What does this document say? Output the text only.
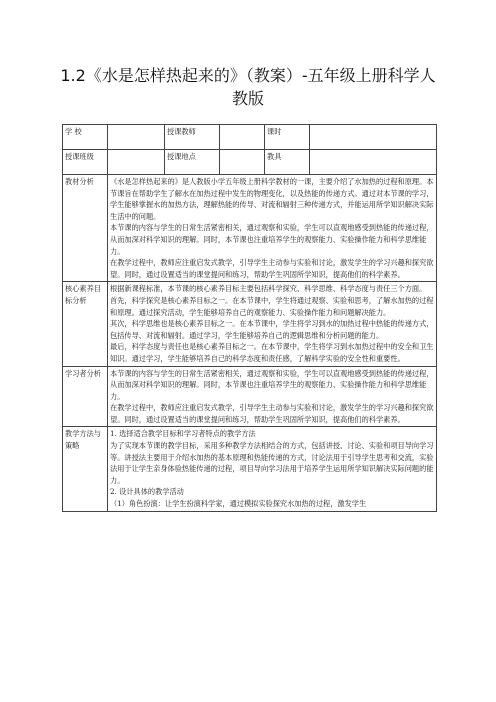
1.2《水是怎样热起来的》（教案）-五年级上册科学人教版
学 校		授课教师		课时	
授课班级		授课地点		教具	
教材分析	《水是怎样热起来的》是人教版小学五年级上册科学教材的一课，主要介绍了水加热的过程和原理。本节课旨在帮助学生了解水在加热过程中发生的物理变化，以及热能的传递方式。通过对本节课的学习，学生能够掌握水的加热方法，理解热能的传导、对流和辐射三种传递方式，并能运用所学知识解决实际生活中的问题。

本节课的内容与学生的日常生活紧密相关，通过观察和实验，学生可以直观地感受到热能的传递过程，从而加深对科学知识的理解。同时，本节课也注重培养学生的观察能力、实验操作能力和科学思维能力。

在教学过程中，教师应注重启发式教学，引导学生主动参与实验和讨论，激发学生的学习兴趣和探究欲望。同时，通过设置适当的课堂提问和练习，帮助学生巩固所学知识，提高他们的科学素养。				

核心素养目标分析	根据新课程标准，本节课的核心素养目标主要包括科学探究、科学思维、科学态度与责任三个方面。

首先，科学探究是核心素养目标之一。在本节课中，学生将通过观察、实验和思考，了解水加热的过程和原理。通过探究活动，学生能够培养自己的观察能力、实验操作能力和问题解决能力。

其次，科学思维也是核心素养目标之一。在本节课中，学生将学习到水的加热过程中热能的传递方式，包括传导、对流和辐射。通过学习，学生能够培养自己的逻辑思维和分析问题的能力。

最后，科学态度与责任也是核心素养目标之一。在本节课中，学生将学习到水加热过程中的安全和卫生知识。通过学习，学生能够培养自己的科学态度和责任感，了解科学实验的安全性和重要性。				

学习者分析	本节课的内容与学生的日常生活紧密相关，通过观察和实验，学生可以直观地感受到热能的传递过程，从而加深对科学知识的理解。同时，本节课也注重培养学生的观察能力、实验操作能力和科学思维能力。

在教学过程中，教师应注重启发式教学，引导学生主动参与实验和讨论，激发学生的学习兴趣和探究欲望。同时，通过设置适当的课堂提问和练习，帮助学生巩固所学知识，提高他们的科学素养。				

教学方法与策略	1. 选择适合教学目标和学习者特点的教学方法

为了实现本节课的教学目标，采用多种教学方法相结合的方式，包括讲授、讨论、实验和项目导向学习等。讲授法主要用于介绍水加热的基本原理和热能传递的方式，讨论法用于引导学生思考和交流，实验法用于让学生亲身体验热能传递的过程，项目导向学习法用于培养学生运用所学知识解决实际问题的能力。

2. 设计具体的教学活动

（1）角色扮演：让学生扮演科学家，通过模拟实验探究水加热的过程，激发学生				
